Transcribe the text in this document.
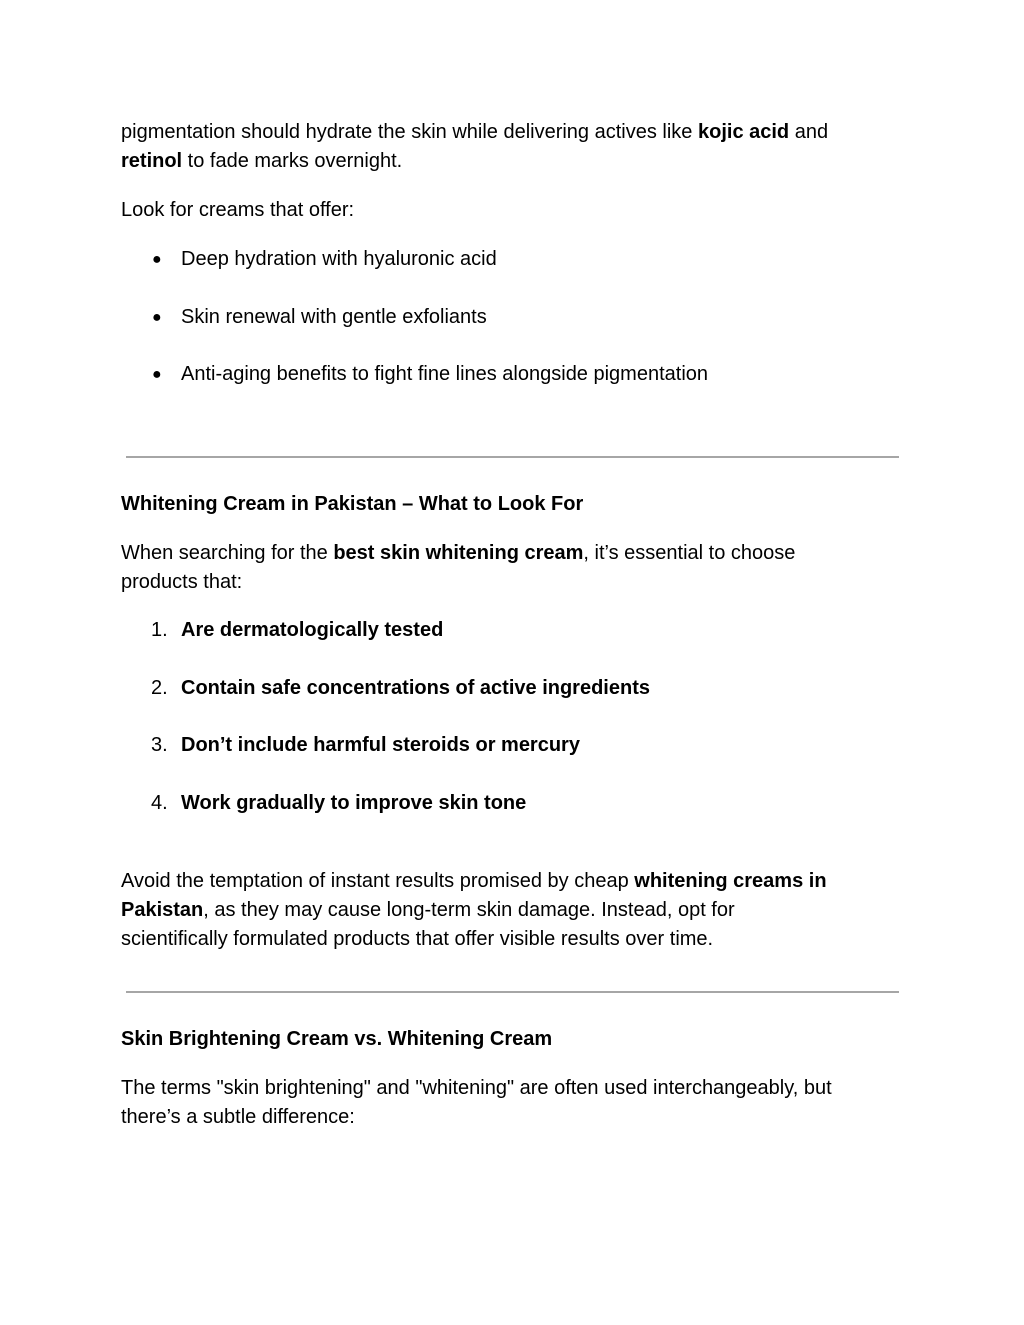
pigmentation should hydrate the skin while delivering actives like kojic acid and
retinol to fade marks overnight.
Look for creams that offer:
● Deep hydration with hyaluronic acid
● Skin renewal with gentle exfoliants
● Anti-aging benefits to fight fine lines alongside pigmentation
Whitening Cream in Pakistan – What to Look For
When searching for the best skin whitening cream, it’s essential to choose
products that:
1. Are dermatologically tested
2. Contain safe concentrations of active ingredients
3. Don’t include harmful steroids or mercury
4. Work gradually to improve skin tone
Avoid the temptation of instant results promised by cheap whitening creams in
Pakistan, as they may cause long-term skin damage. Instead, opt for
scientifically formulated products that offer visible results over time.
Skin Brightening Cream vs. Whitening Cream
The terms "skin brightening" and "whitening" are often used interchangeably, but
there’s a subtle difference:
